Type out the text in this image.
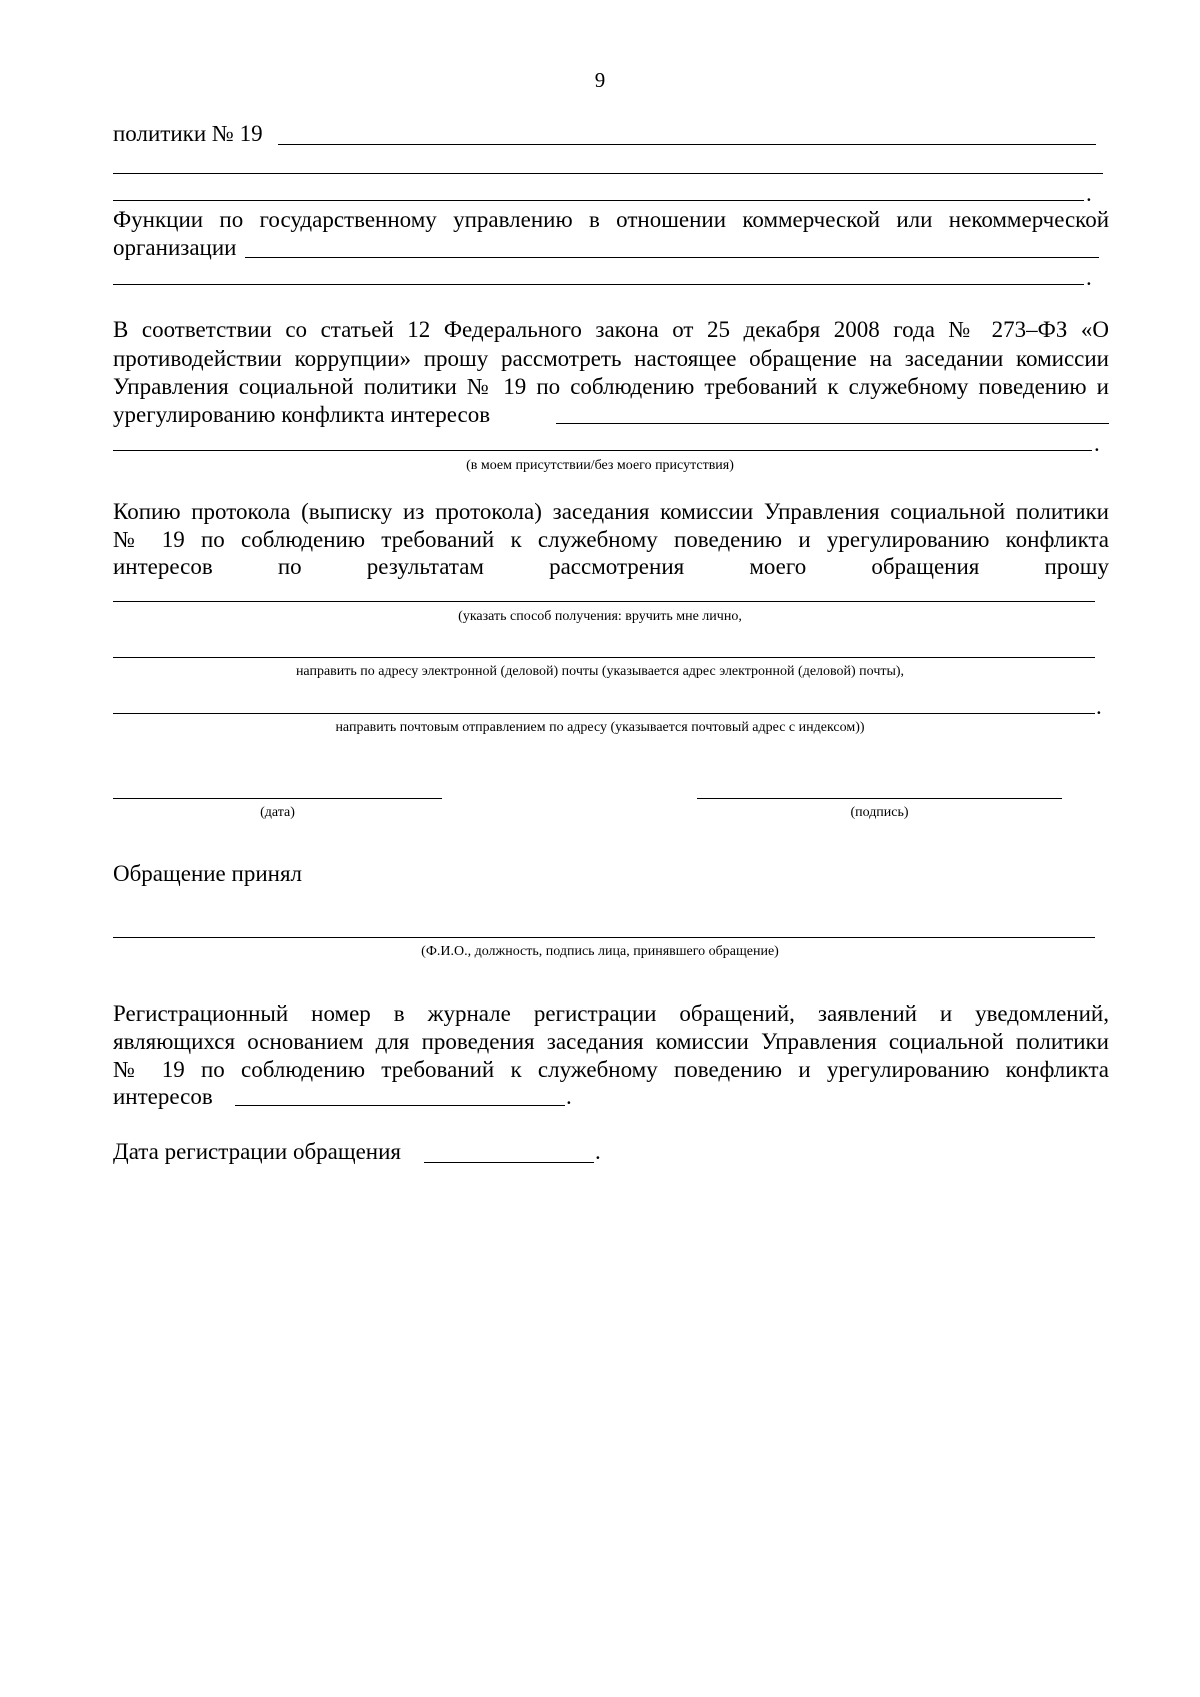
9
политики № 19
.
Функции по государственному управлению в отношении коммерческой или некоммерческой
организации
.
В соответствии со статьей 12 Федерального закона от 25 декабря 2008 года № 273–ФЗ «О
противодействии коррупции» прошу рассмотреть настоящее обращение на заседании комиссии
Управления социальной политики № 19 по соблюдению требований к служебному поведению и
урегулированию конфликта интересов
.
(в моем присутствии/без моего присутствия)
Копию протокола (выписку из протокола) заседания комиссии Управления социальной политики
№ 19 по соблюдению требований к служебному поведению и урегулированию конфликта
интересов по результатам рассмотрения моего обращения прошу
(указать способ получения: вручить мне лично,
направить по адресу электронной (деловой) почты (указывается адрес электронной (деловой) почты),
.
направить почтовым отправлением по адресу (указывается почтовый адрес с индексом))
(дата)	(подпись)
Обращение принял
(Ф.И.О., должность, подпись лица, принявшего обращение)
Регистрационный номер в журнале регистрации обращений, заявлений и уведомлений,
являющихся основанием для проведения заседания комиссии Управления социальной политики
№ 19 по соблюдению требований к служебному поведению и урегулированию конфликта
интересов	.
Дата регистрации обращения	.
